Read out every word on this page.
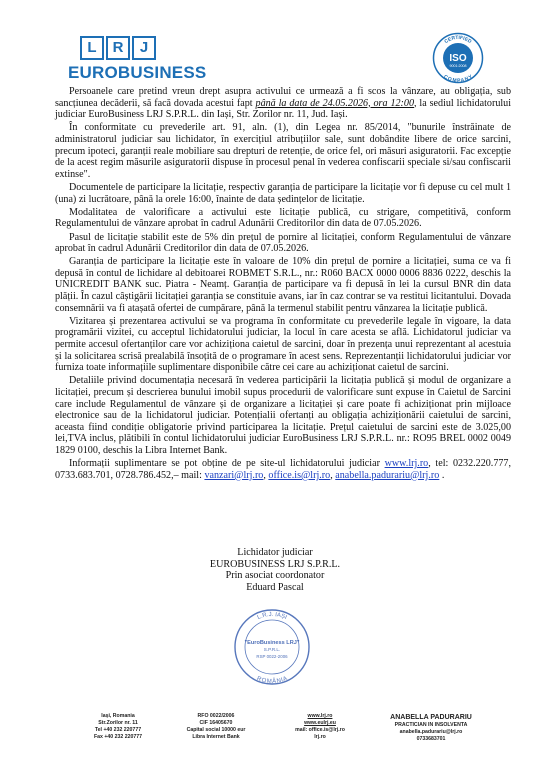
L	R	J
EUROBUSINESS
CERTIFIED
COMPANY
ISO
9001:2008

Persoanele care pretind vreun drept asupra activului ce urmează a fi scos la vânzare, au obligația, sub sancțiunea decăderii, să facă dovada acestui fapt până la data de 24.05.2026, ora 12:00, la sediul lichidatorului judiciar EuroBusiness LRJ S.P.R.L. din Iași, Str. Zorilor nr. 11, Jud. Iași.

În conformitate cu prevederile art. 91, aln. (1), din Legea nr. 85/2014, "bunurile înstrăinate de administratorul judiciar sau lichidator, în exercițiul atribuțiilor sale, sunt dobândite libere de orice sarcini, precum ipoteci, garanții reale mobiliare sau drepturi de retenție, de orice fel, ori măsuri asiguratorii. Fac excepție de la acest regim măsurile asiguratorii dispuse în procesul penal în vederea confiscarii speciale si/sau confiscarii extinse".

Documentele de participare la licitație, respectiv garanția de participare la licitație vor fi depuse cu cel mult 1 (una) zi lucrătoare, până la orele 16:00, înainte de data ședințelor de licitație.

Modalitatea de valorificare a activului este licitație publică, cu strigare, competitivă, conform Regulamentului de vânzare aprobat în cadrul Adunării Creditorilor din data de 07.05.2026.

Pasul de licitație stabilit este de 5% din prețul de pornire al licitației, conform Regulamentului de vânzare aprobat în cadrul Adunării Creditorilor din data de 07.05.2026.

Garanția de participare la licitație este în valoare de 10% din prețul de pornire a licitației, suma ce va fi depusă în contul de lichidare al debitoarei ROBMET S.R.L., nr.: R060 BACX 0000 0006 8836 0222, deschis la UNICREDIT BANK suc. Piatra - Neamț. Garanția de participare va fi depusă în lei la cursul BNR din data plății. În cazul câștigării licitației garanția se constituie avans, iar în caz contrar se va restitui licitantului. Dovada consemnării va fi atașată ofertei de cumpărare, până la termenul stabilit pentru vânzarea la licitație publică.

Vizitarea și prezentarea activului se va programa în conformitate cu prevederile legale în vigoare, la data programării vizitei, cu acceptul lichidatorului judiciar, la locul în care acesta se află. Lichidatorul judiciar va permite accesul ofertanților care vor achiziționa caietul de sarcini, doar în prezența unui reprezentant al acestuia și la solicitarea scrisă prealabilă însoțită de o programare în acest sens. Reprezentanții lichidatorului judiciar vor furniza toate informațiile suplimentare disponibile către cei care au achiziționat caietul de sarcini.

Detaliile privind documentația necesară în vederea participării la licitația publică și modul de organizare a licitației, precum și descrierea bunului imobil supus procedurii de valorificare sunt expuse în Caietul de Sarcini care include Regulamentul de vânzare și de organizare a licitației și care poate fi achiziționat prin mijloace electronice sau de la lichidatorul judiciar. Potențialii ofertanți au obligația achiziționării caietului de sarcini, aceasta fiind condiție obligatorie privind participarea la licitație. Prețul caietului de sarcini este de 3.025,00 lei,TVA inclus, plătibili în contul lichidatorului judiciar EuroBusiness LRJ S.P.R.L. nr.: RO95 BREL 0002 0049 1829 0100, deschis la Libra Internet Bank.

Informații suplimentare se pot obține de pe site-ul lichidatorului judiciar www.lrj.ro, tel: 0232.220.777, 0733.683.701, 0728.786.452,– mail: vanzari@lrj.ro, office.is@lrj.ro, anabella.padurariu@lrj.ro .

Lichidator judiciar
EUROBUSINESS LRJ S.P.R.L.
Prin asociat coordonator
Eduard Pascal
L.R.J. IAȘI
ROMÂNIA
"EuroBusiness LRJ"
S.P.R.L.
RSP 0022-2006
Iași, Romania
Str.Zorilor nr. 11
Tel +40 232 220777
Fax +40 232 220777
RFO 0022/2006
CIF 16405670
Capital social 10000 eur
Libra Internet Bank
www.lrj.ro
www.eulrj.eu
mail: office.is@lrj.ro
lrj.ro
ANABELLA PADURARIU
PRACTICIAN IN INSOLVENTA
anabella.padurariu@lrj.ro
0733683701
